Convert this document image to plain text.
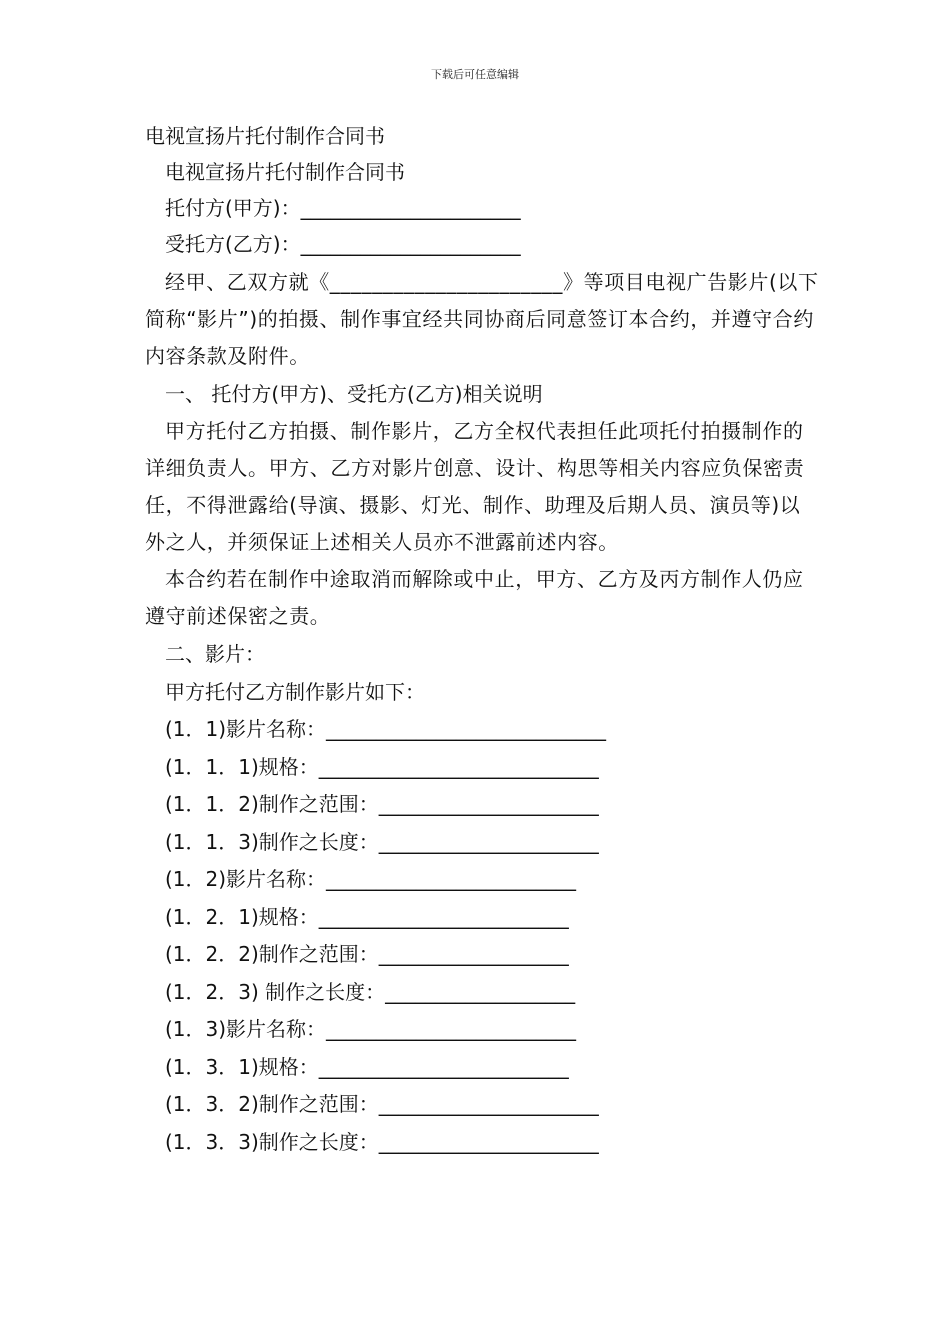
下载后可任意编辑
电视宣扬片托付制作合同书
电视宣扬片托付制作合同书
托付方(甲方)：______________________
受托方(乙方)：______________________
经甲、乙双方就《______________________》等项目电视广告影片(以下简称“影片”)的拍摄、制作事宜经共同协商后同意签订本合约，并遵守合约内容条款及附件。
一、 托付方(甲方)、受托方(乙方)相关说明
甲方托付乙方拍摄、制作影片，乙方全权代表担任此项托付拍摄制作的详细负责人。甲方、乙方对影片创意、设计、构思等相关内容应负保密责任，不得泄露给(导演、摄影、灯光、制作、助理及后期人员、演员等)以外之人，并须保证上述相关人员亦不泄露前述内容。
本合约若在制作中途取消而解除或中止，甲方、乙方及丙方制作人仍应遵守前述保密之责。
二、影片：
甲方托付乙方制作影片如下：
(1．1)影片名称：____________________________
(1．1．1)规格：____________________________
(1．1．2)制作之范围：______________________
(1．1．3)制作之长度：______________________
(1．2)影片名称：_________________________
(1．2．1)规格：_________________________
(1．2．2)制作之范围：___________________
(1．2．3) 制作之长度：___________________
(1．3)影片名称：_________________________
(1．3．1)规格：_________________________
(1．3．2)制作之范围：______________________
(1．3．3)制作之长度：______________________
